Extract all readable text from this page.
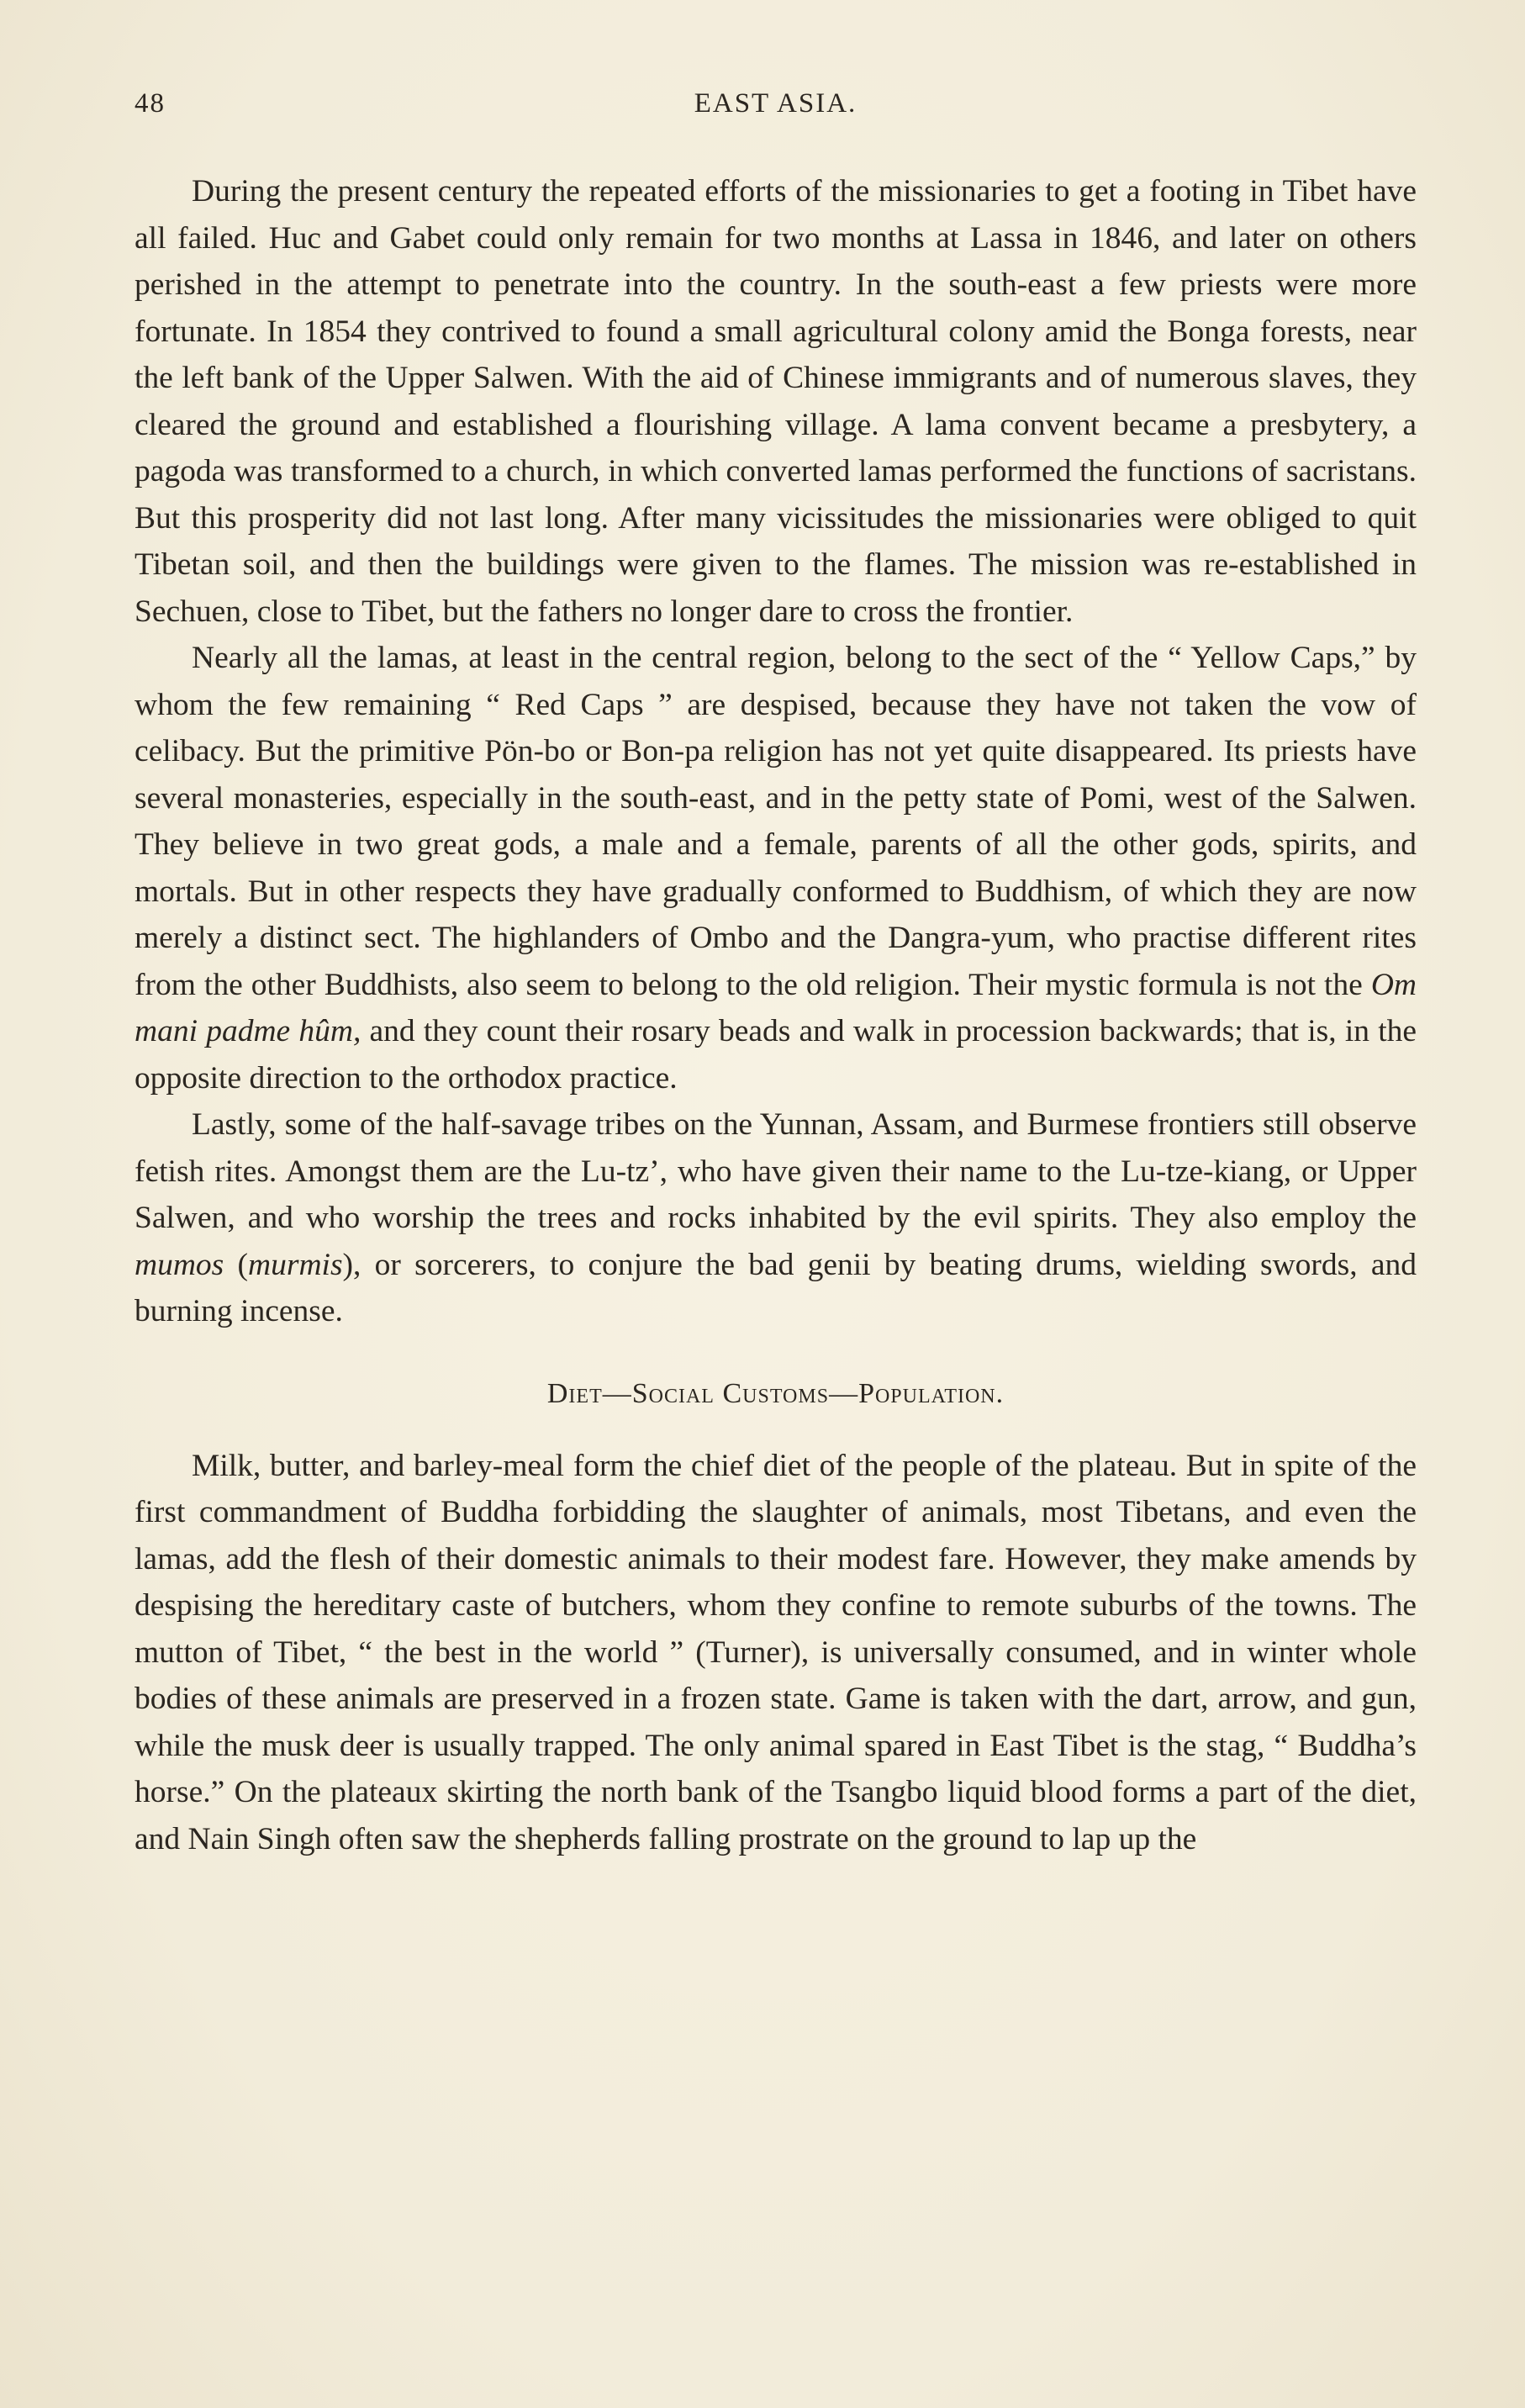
48	EAST ASIA.

During the present century the repeated efforts of the missionaries to get a footing in Tibet have all failed. Huc and Gabet could only remain for two months at Lassa in 1846, and later on others perished in the attempt to penetrate into the country. In the south-east a few priests were more fortunate. In 1854 they contrived to found a small agricultural colony amid the Bonga forests, near the left bank of the Upper Salwen. With the aid of Chinese immigrants and of numerous slaves, they cleared the ground and established a flourishing village. A lama convent became a presbytery, a pagoda was transformed to a church, in which converted lamas performed the functions of sacristans. But this prosperity did not last long. After many vicissitudes the missionaries were obliged to quit Tibetan soil, and then the buildings were given to the flames. The mission was re-established in Sechuen, close to Tibet, but the fathers no longer dare to cross the frontier.

Nearly all the lamas, at least in the central region, belong to the sect of the “ Yellow Caps,” by whom the few remaining “ Red Caps ” are despised, because they have not taken the vow of celibacy. But the primitive Pön-bo or Bon-pa religion has not yet quite disappeared. Its priests have several monasteries, especially in the south-east, and in the petty state of Pomi, west of the Salwen. They believe in two great gods, a male and a female, parents of all the other gods, spirits, and mortals. But in other respects they have gradually conformed to Buddhism, of which they are now merely a distinct sect. The highlanders of Ombo and the Dangra-yum, who practise different rites from the other Buddhists, also seem to belong to the old religion. Their mystic formula is not the Om mani padme hûm, and they count their rosary beads and walk in procession backwards; that is, in the opposite direction to the orthodox practice.

Lastly, some of the half-savage tribes on the Yunnan, Assam, and Burmese frontiers still observe fetish rites. Amongst them are the Lu-tz’, who have given their name to the Lu-tze-kiang, or Upper Salwen, and who worship the trees and rocks inhabited by the evil spirits. They also employ the mumos (murmis), or sorcerers, to conjure the bad genii by beating drums, wielding swords, and burning incense.

Diet—Social Customs—Population.

Milk, butter, and barley-meal form the chief diet of the people of the plateau. But in spite of the first commandment of Buddha forbidding the slaughter of animals, most Tibetans, and even the lamas, add the flesh of their domestic animals to their modest fare. However, they make amends by despising the hereditary caste of butchers, whom they confine to remote suburbs of the towns. The mutton of Tibet, “ the best in the world ” (Turner), is universally consumed, and in winter whole bodies of these animals are preserved in a frozen state. Game is taken with the dart, arrow, and gun, while the musk deer is usually trapped. The only animal spared in East Tibet is the stag, “ Buddha’s horse.” On the plateaux skirting the north bank of the Tsangbo liquid blood forms a part of the diet, and Nain Singh often saw the shepherds falling prostrate on the ground to lap up the
